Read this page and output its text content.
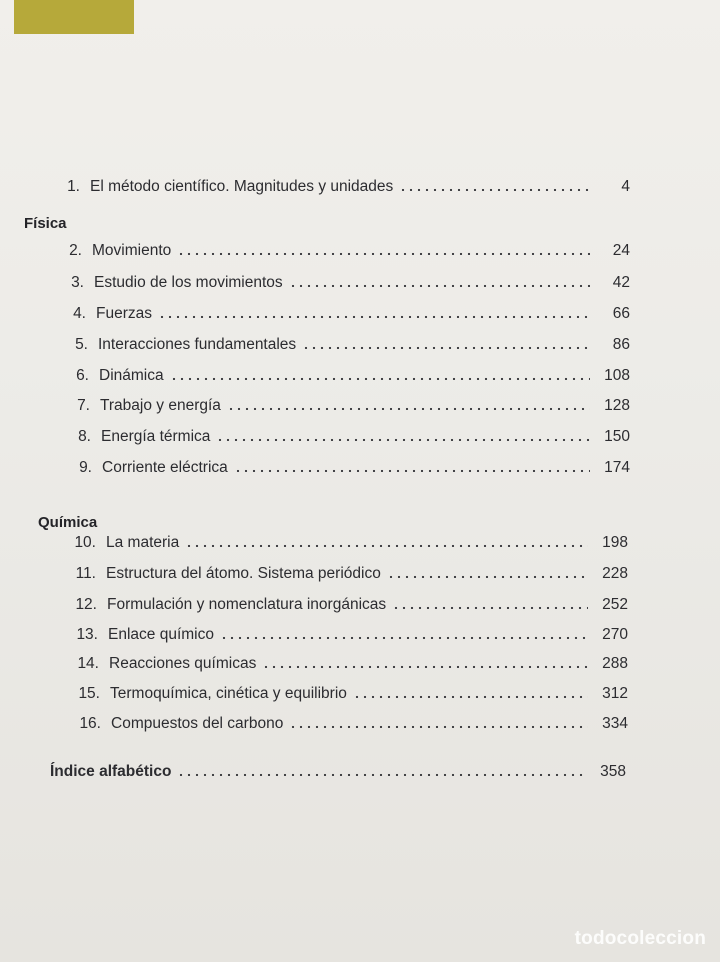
1. El método científico. Magnitudes y unidades	4
Física
2. Movimiento	24
3. Estudio de los movimientos	42
4. Fuerzas	66
5. Interacciones fundamentales	86
6. Dinámica	108
7. Trabajo y energía	128
8. Energía térmica	150
9. Corriente eléctrica	174
Química
10. La materia	198
11. Estructura del átomo. Sistema periódico	228
12. Formulación y nomenclatura inorgánicas	252
13. Enlace químico	270
14. Reacciones químicas	288
15. Termoquímica, cinética y equilibrio	312
16. Compuestos del carbono	334
Índice alfabético	358
todocoleccion
